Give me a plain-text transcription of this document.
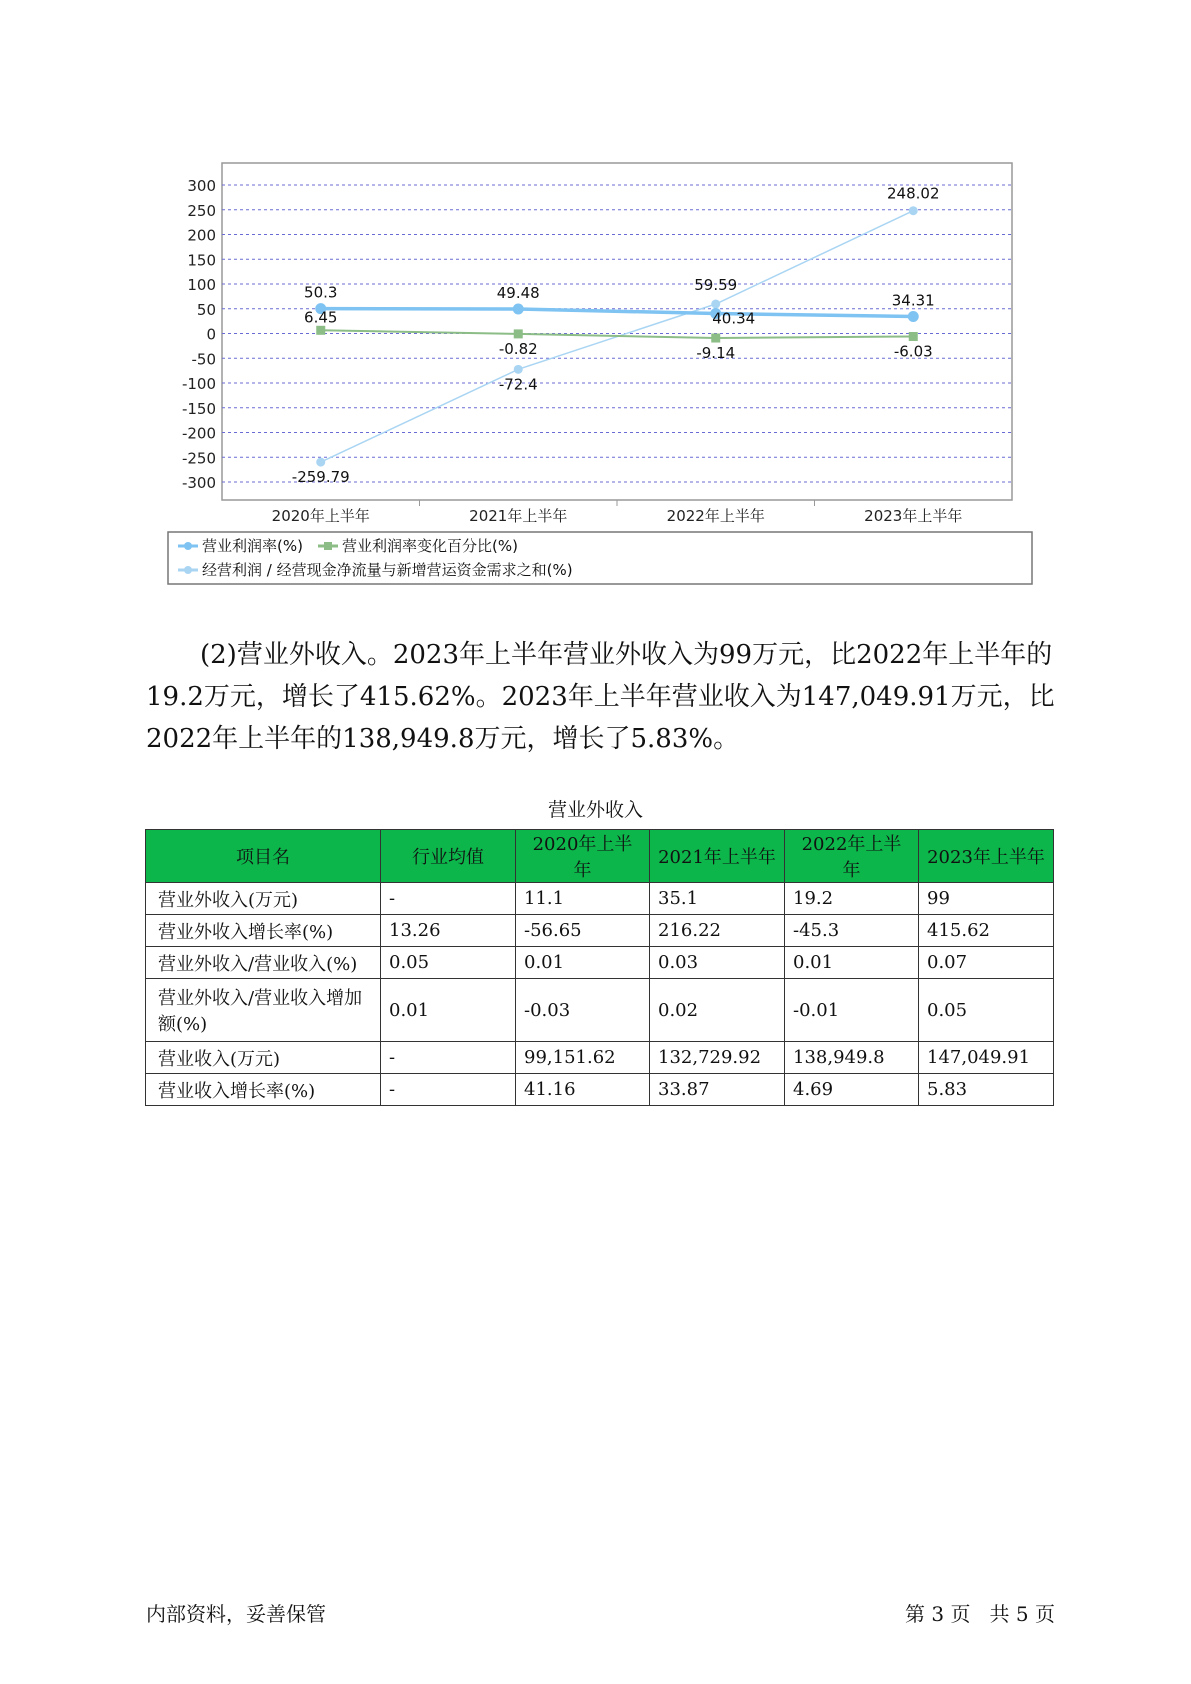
300
250
200
150
100
50
0
-50
-100
-150
-200
-250
-300
2020年上半年	2021年上半年	2022年上半年	2023年上半年
50.3	49.48
40.34
34.31
6.45
-0.82	-9.14	-6.03
-259.79
-72.4
59.59
248.02
营业利润率(%)	营业利润率变化百分比(%)
经营利润 / 经营现金净流量与新增营运资金需求之和(%)

(2)营业外收入。2023年上半年营业外收入为99万元，比2022年上半年的19.2万元，增长了415.62%。2023年上半年营业收入为147,049.91万元，比2022年上半年的138,949.8万元，增长了5.83%。

营业外收入
项目名	行业均值	2020年上半年	2021年上半年	2022年上半年	2023年上半年
营业外收入(万元)	-	11.1	35.1	19.2	99
营业外收入增长率(%)	13.26	-56.65	216.22	-45.3	415.62
营业外收入/营业收入(%)	0.05	0.01	0.03	0.01	0.07
营业外收入/营业收入增加额(%)	0.01	-0.03	0.02	-0.01	0.05
营业收入(万元)	-	99,151.62	132,729.92	138,949.8	147,049.91
营业收入增长率(%)	-	41.16	33.87	4.69	5.83
内部资料，妥善保管	第 3 页   共 5 页
